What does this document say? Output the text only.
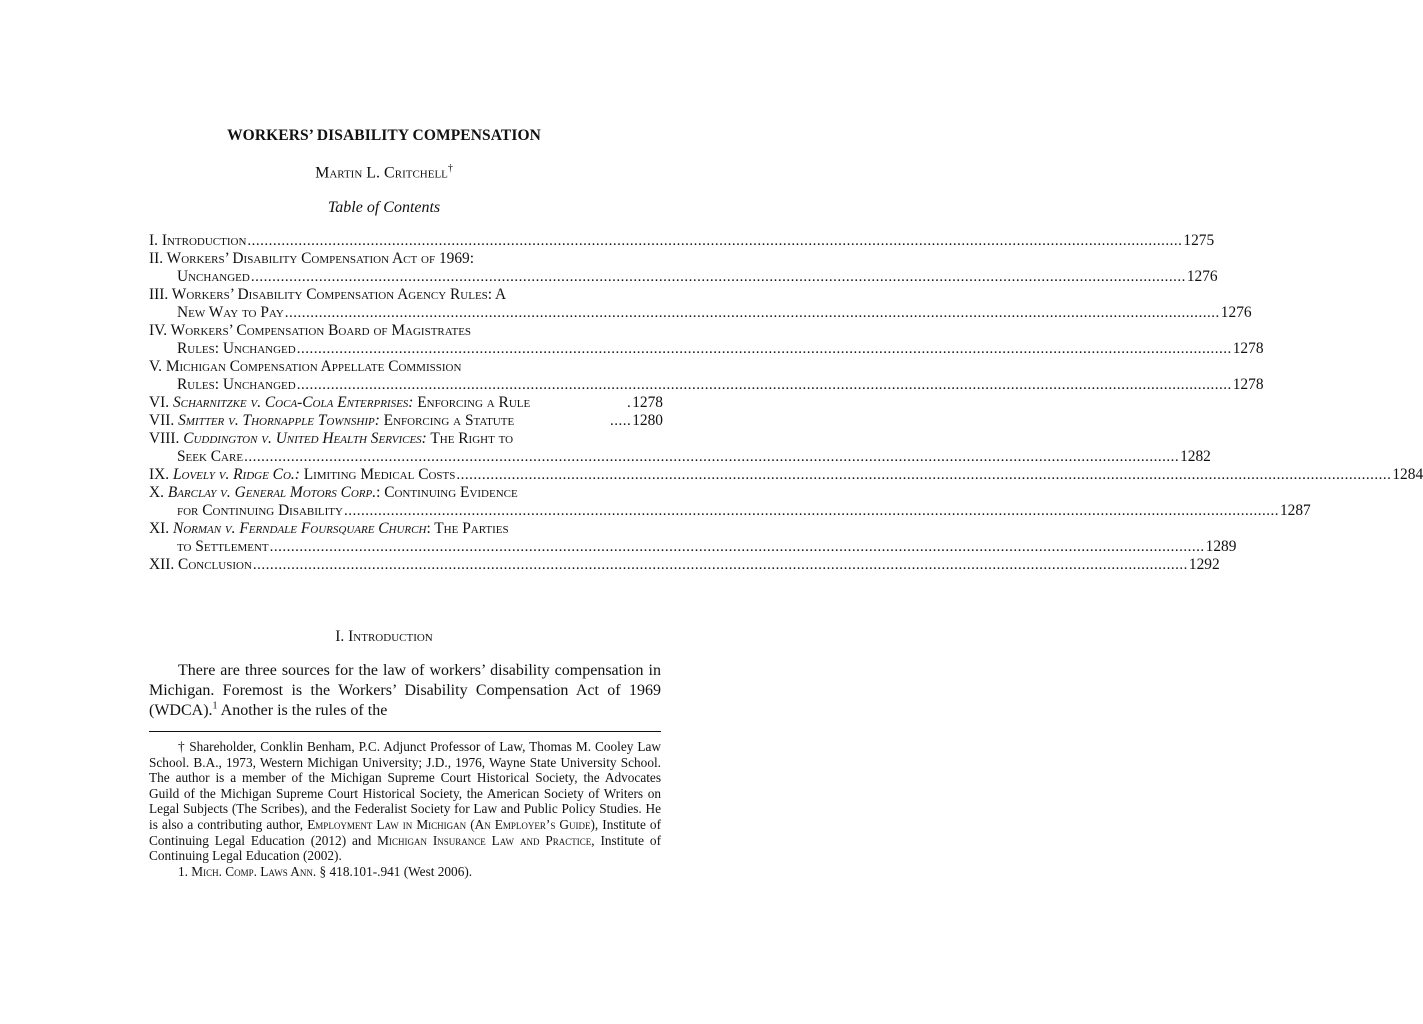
WORKERS’ DISABILITY COMPENSATION
Martin L. Critchell†
Table of Contents
I. Introduction ............................................................................................................................................................................................................................ 1275
II. Workers’ Disability Compensation Act of 1969:
Unchanged ............................................................................................................................................................................................................................ 1276
III. Workers’ Disability Compensation Agency Rules: A
New Way to Pay ............................................................................................................................................................................................................................ 1276
IV. Workers’ Compensation Board of Magistrates
Rules: Unchanged ............................................................................................................................................................................................................................ 1278
V. Michigan Compensation Appellate Commission
Rules: Unchanged ............................................................................................................................................................................................................................ 1278
VI. Scharnitzke v. Coca-Cola Enterprises: Enforcing a Rule	. 1278
VII. Smitter v. Thornapple Township: Enforcing a Statute	..... 1280
VIII. Cuddington v. United Health Services: The Right to
Seek Care ............................................................................................................................................................................................................................ 1282
IX. Lovely v. Ridge Co.: Limiting Medical Costs ............................................................................................................................................................................................................................ 1284
X. Barclay v. General Motors Corp.: Continuing Evidence
for Continuing Disability ............................................................................................................................................................................................................................ 1287
XI. Norman v. Ferndale Foursquare Church: The Parties
to Settlement ............................................................................................................................................................................................................................ 1289
XII. Conclusion ............................................................................................................................................................................................................................ 1292
I. Introduction
There are three sources for the law of workers’ disability compensation in Michigan. Foremost is the Workers’ Disability Compensation Act of 1969 (WDCA).$^1$ Another is the rules of the

† Shareholder, Conklin Benham, P.C. Adjunct Professor of Law, Thomas M. Cooley Law School. B.A., 1973, Western Michigan University; J.D., 1976, Wayne State University School. The author is a member of the Michigan Supreme Court Historical Society, the Advocates Guild of the Michigan Supreme Court Historical Society, the American Society of Writers on Legal Subjects (The Scribes), and the Federalist Society for Law and Public Policy Studies. He is also a contributing author, Employment Law in Michigan (An Employer’s Guide), Institute of Continuing Legal Education (2012) and Michigan Insurance Law and Practice, Institute of Continuing Legal Education (2002).

1. Mich. Comp. Laws Ann. § 418.101-.941 (West 2006).
